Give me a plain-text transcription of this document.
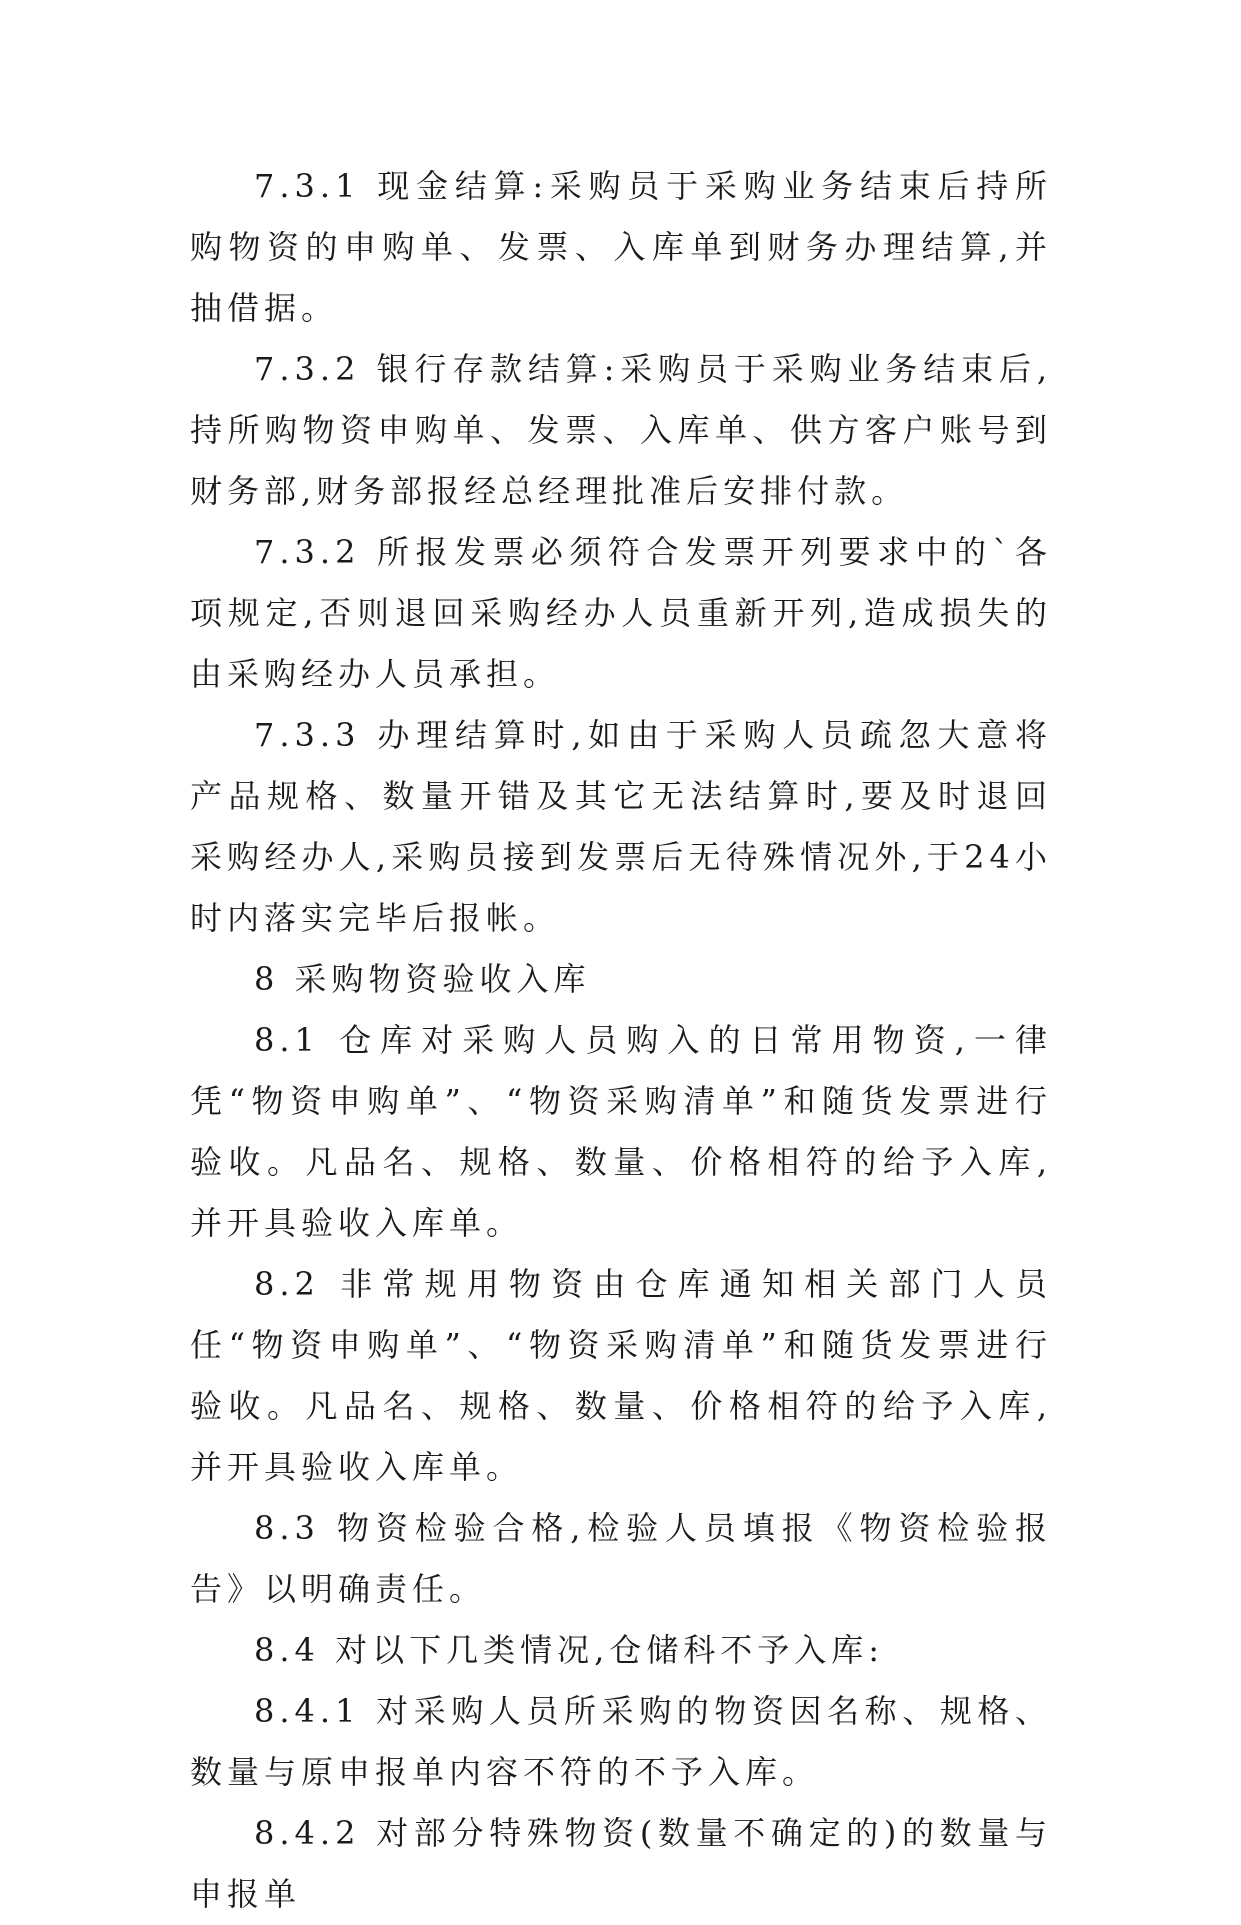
7.3.1 现金结算:采购员于采购业务结束后持所购物资的申购单、发票、入库单到财务办理结算,并抽借据。

7.3.2 银行存款结算:采购员于采购业务结束后,持所购物资申购单、发票、入库单、供方客户账号到财务部,财务部报经总经理批准后安排付款。

7.3.2 所报发票必须符合发票开列要求中的`各项规定,否则退回采购经办人员重新开列,造成损失的由采购经办人员承担。

7.3.3 办理结算时,如由于采购人员疏忽大意将产品规格、数量开错及其它无法结算时,要及时退回采购经办人,采购员接到发票后无待殊情况外,于24小时内落实完毕后报帐。

8 采购物资验收入库

8.1 仓库对采购人员购入的日常用物资,一律凭“物资申购单”、“物资采购清单”和随货发票进行验收。凡品名、规格、数量、价格相符的给予入库,并开具验收入库单。

8.2 非常规用物资由仓库通知相关部门人员任“物资申购单”、“物资采购清单”和随货发票进行验收。凡品名、规格、数量、价格相符的给予入库,并开具验收入库单。

8.3 物资检验合格,检验人员填报《物资检验报告》以明确责任。

8.4 对以下几类情况,仓储科不予入库:

8.4.1 对采购人员所采购的物资因名称、规格、数量与原申报单内容不符的不予入库。

8.4.2 对部分特殊物资(数量不确定的)的数量与申报单
